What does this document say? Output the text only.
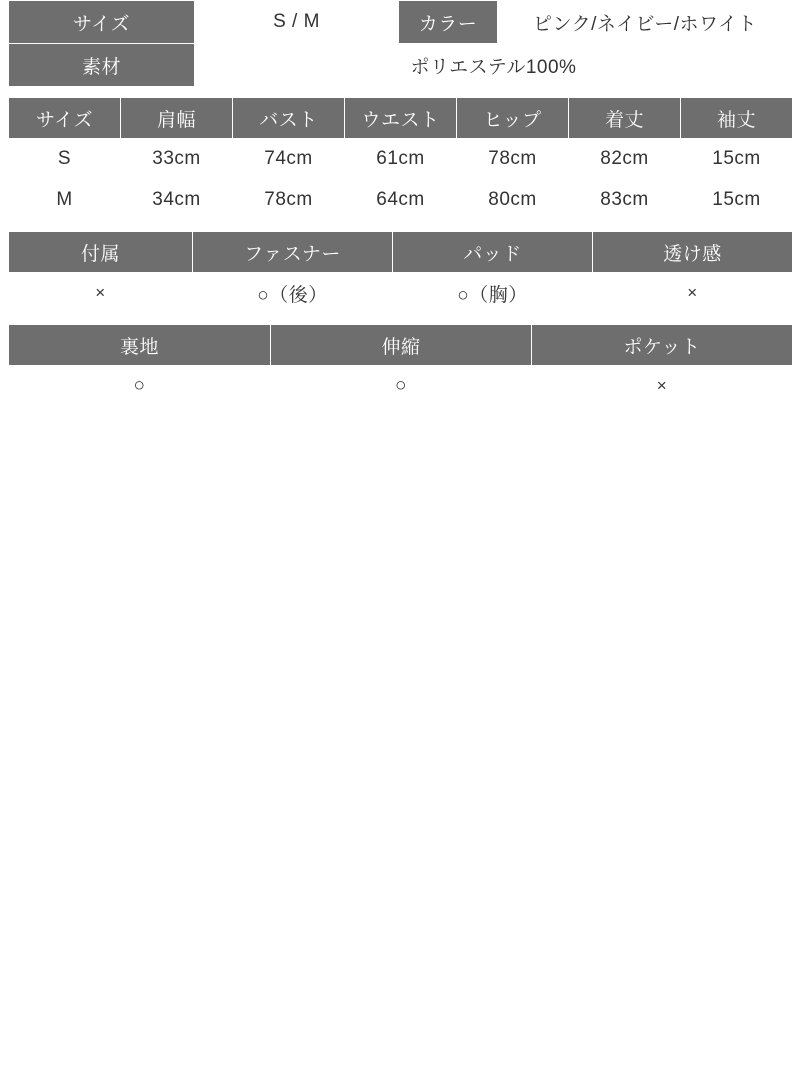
サイズ	S / M	カラー	ピンク/ネイビー/ホワイト
素材	ポリエステル100%		
サイズ	肩幅	バスト	ウエスト	ヒップ	着丈	袖丈
S	33cm	74cm	61cm	78cm	82cm	15cm
M	34cm	78cm	64cm	80cm	83cm	15cm
付属	ファスナー	パッド	透け感
×	○（後）	○（胸）	×
裏地	伸縮	ポケット
○	○	×
